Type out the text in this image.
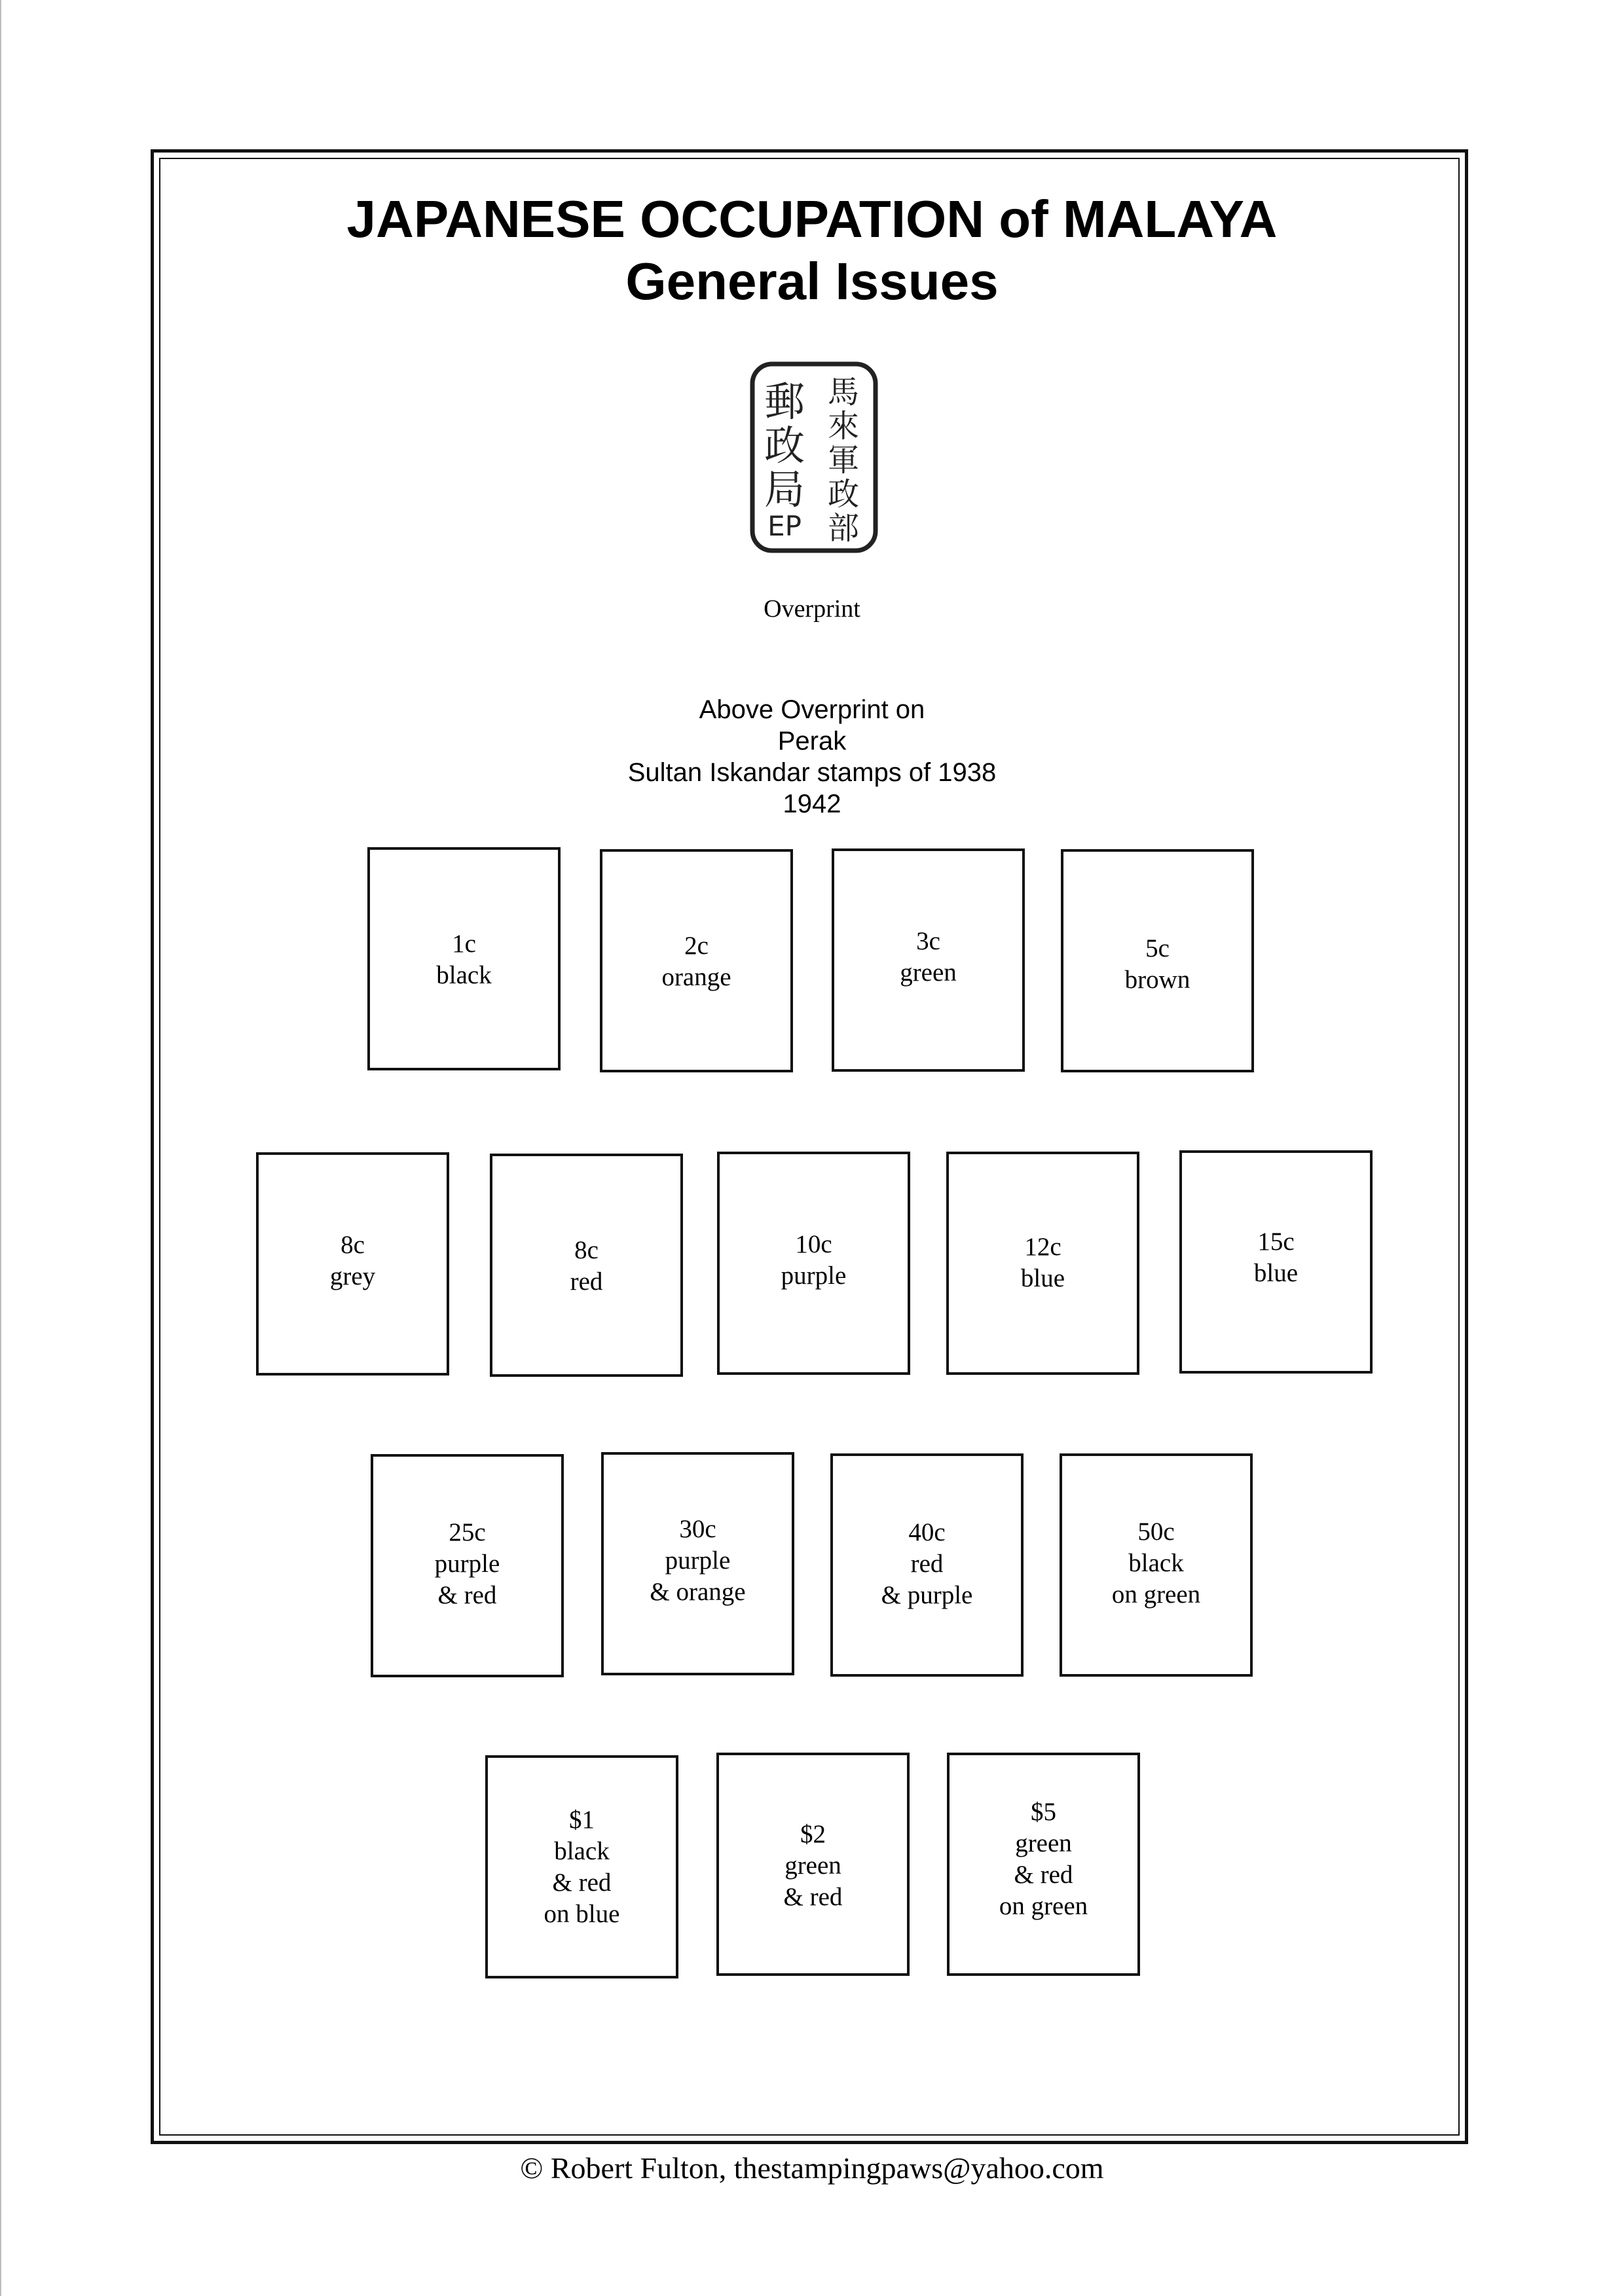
JAPANESE OCCUPATION of MALAYA
General Issues
郵
政
局
EP
馬
來
軍
政
部
Overprint
Above Overprint on
Perak
Sultan Iskandar stamps of 1938
1942
1c
black
2c
orange
3c
green
5c
brown
8c
grey
8c
red
10c
purple
12c
blue
15c
blue
25c
purple
& red
30c
purple
& orange
40c
red
& purple
50c
black
on green
$1
black
& red
on blue
$2
green
& red
$5
green
& red
on green
© Robert Fulton, thestampingpaws@yahoo.com
